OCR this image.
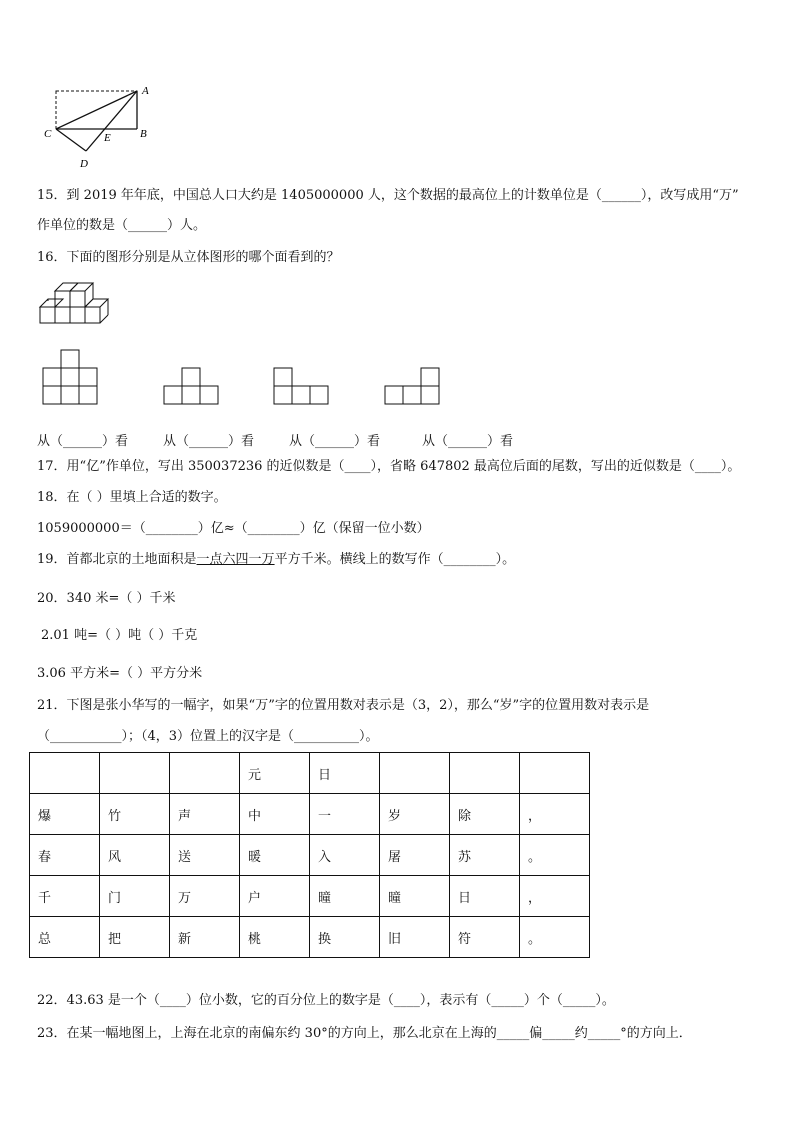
A
B
C
D
E
15．到 2019 年年底，中国总人口大约是 1405000000 人，这个数据的最高位上的计数单位是（______），改写成用“万”
作单位的数是（______）人。
16．下面的图形分别是从立体图形的哪个面看到的？
从（______）看	从（______）看	从（______）看	从（______）看
17．用“亿”作单位，写出 350037236 的近似数是（____），省略 647802 最高位后面的尾数，写出的近似数是（____）。
18．在（ ）里填上合适的数字。
1059000000＝（________）亿≈（________）亿（保留一位小数）
19．首都北京的土地面积是一点六四一万平方千米。横线上的数写作（________）。
20．340 米=（ ）千米
2.01 吨=（ ）吨（ ）千克
3.06 平方米=（ ）平方分米
21．下图是张小华写的一幅字，如果“万”字的位置用数对表示是（3，2），那么“岁”字的位置用数对表示是
（___________）；（4，3）位置上的汉字是（__________）。
			元	日			
爆	竹	声	中	一	岁	除	，
春	风	送	暖	入	屠	苏	。
千	门	万	户	曈	曈	日	，
总	把	新	桃	换	旧	符	。
22．43.63 是一个（____）位小数，它的百分位上的数字是（____），表示有（_____）个（_____）。
23．在某一幅地图上，上海在北京的南偏东约 30°的方向上，那么北京在上海的_____偏_____约_____°的方向上．
